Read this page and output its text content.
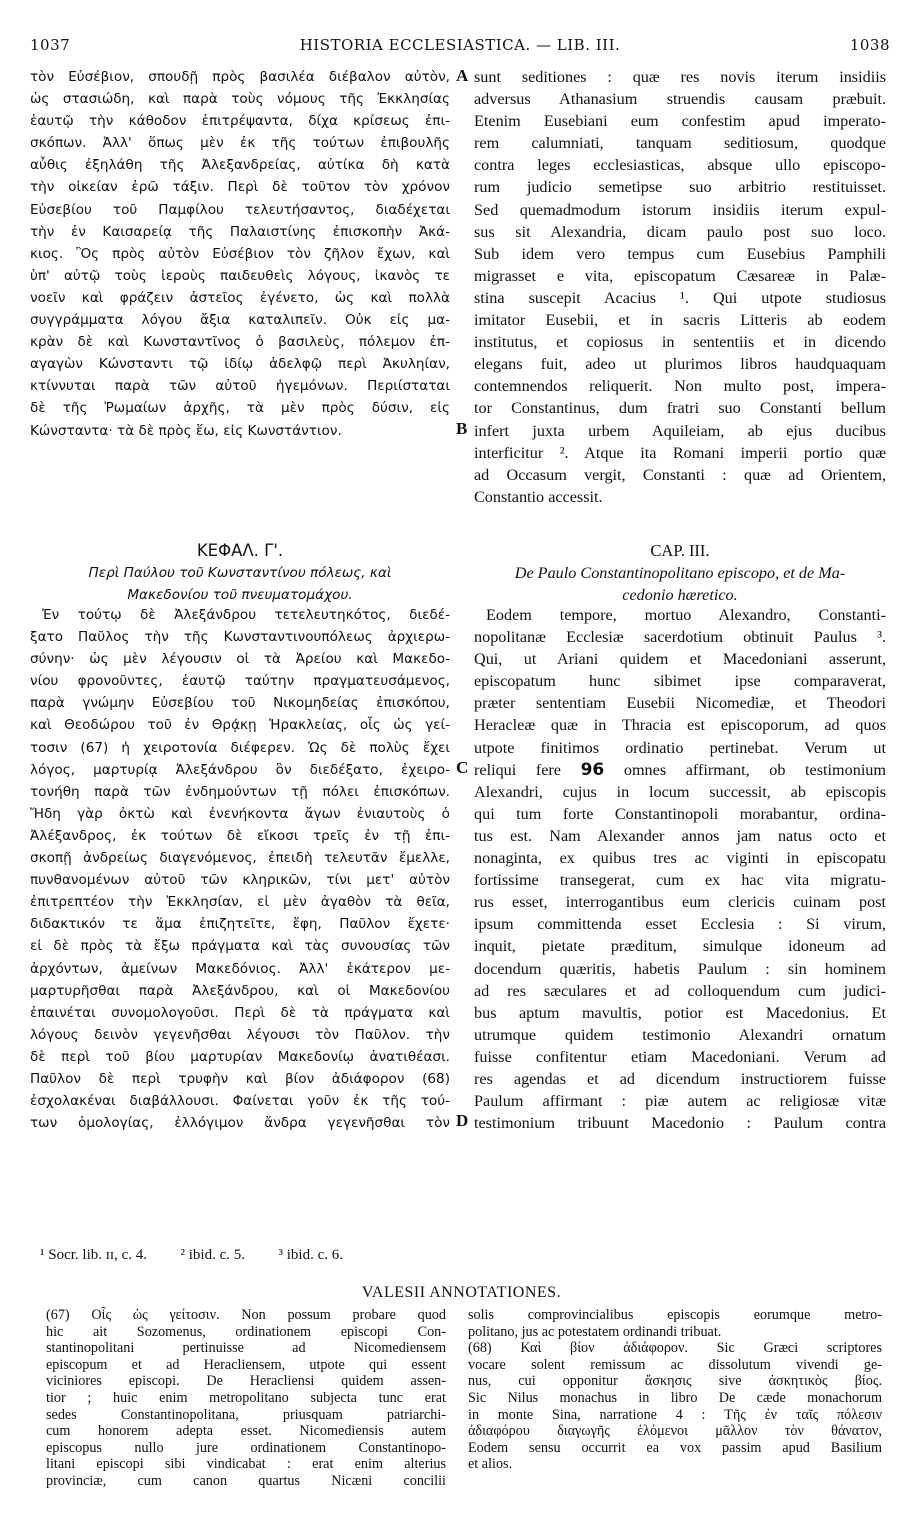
1037	HISTORIA ECCLESIASTICA. — LIB. III.	1038
τὸν Εὐσέβιον, σπουδῇ πρὸς βασιλέα διέβαλον αὐτὸν,
ὡς στασιώδη, καὶ παρὰ τοὺς νόμους τῆς Ἐκκλησίας
ἑαυτῷ τὴν κάθοδον ἐπιτρέψαντα, δίχα κρίσεως ἐπι-
σκόπων. Ἀλλ' ὅπως μὲν ἐκ τῆς τούτων ἐπιβουλῆς
αὖθις ἐξηλάθη τῆς Ἀλεξανδρείας, αὐτίκα δὴ κατὰ
τὴν οἰκείαν ἐρῶ τάξιν. Περὶ δὲ τοῦτον τὸν χρόνον
Εὐσεβίου τοῦ Παμφίλου τελευτήσαντος, διαδέχεται
τὴν ἐν Καισαρείᾳ τῆς Παλαιστίνης ἐπισκοπὴν Ἀκά-
κιος. Ὃς πρὸς αὐτὸν Εὐσέβιον τὸν ζῆλον ἔχων, καὶ
ὑπ' αὐτῷ τοὺς ἱεροὺς παιδευθεὶς λόγους, ἱκανὸς τε
νοεῖν καὶ φράζειν ἀστεῖος ἐγένετο, ὡς καὶ πολλὰ
συγγράμματα λόγου ἄξια καταλιπεῖν. Οὐκ εἰς μα-
κρὰν δὲ καὶ Κωνσταντῖνος ὁ βασιλεὺς, πόλεμον ἐπ-
αγαγὼν Κώνσταντι τῷ ἰδίῳ ἀδελφῷ περὶ Ἀκυληίαν,
κτίννυται παρὰ τῶν αὐτοῦ ἡγεμόνων. Περιίσταται
δὲ τῆς Ῥωμαίων ἀρχῆς, τὰ μὲν πρὸς δύσιν, εἰς
Κώνσταντα· τὰ δὲ πρὸς ἕω, εἰς Κωνστάντιον.
ΚΕΦΑΛ. Γ'.
Περὶ Παύλου τοῦ Κωνσταντίνου πόλεως, καὶ
Μακεδονίου τοῦ πνευματομάχου.
Ἐν τούτῳ δὲ Ἀλεξάνδρου τετελευτηκότος, διεδέ-
ξατο Παῦλος τὴν τῆς Κωνσταντινουπόλεως ἀρχιερω-
σύνην· ὡς μὲν λέγουσιν οἱ τὰ Ἀρείου καὶ Μακεδο-
νίου φρονοῦντες, ἑαυτῷ ταύτην πραγματευσάμενος,
παρὰ γνώμην Εὐσεβίου τοῦ Νικομηδείας ἐπισκόπου,
καὶ Θεοδώρου τοῦ ἐν Θρᾴκῃ Ἡρακλείας, οἷς ὡς γεί-
τοσιν (67) ἡ χειροτονία διέφερεν. Ὡς δὲ πολὺς ἔχει
λόγος, μαρτυρίᾳ Ἀλεξάνδρου ὃν διεδέξατο, ἐχειρο-
τονήθη παρὰ τῶν ἐνδημούντων τῇ πόλει ἐπισκόπων.
Ἤδη γὰρ ὀκτὼ καὶ ἐνενήκοντα ἄγων ἐνιαυτοὺς ὁ
Ἀλέξανδρος, ἐκ τούτων δὲ εἴκοσι τρεῖς ἐν τῇ ἐπι-
σκοπῇ ἀνδρείως διαγενόμενος, ἐπειδὴ τελευτᾶν ἔμελλε,
πυνθανομένων αὐτοῦ τῶν κληρικῶν, τίνι μετ' αὐτὸν
ἐπιτρεπτέον τὴν Ἐκκλησίαν, εἰ μὲν ἀγαθὸν τὰ θεῖα,
διδακτικόν τε ἅμα ἐπιζητεῖτε, ἔφη, Παῦλον ἔχετε·
εἰ δὲ πρὸς τὰ ἔξω πράγματα καὶ τὰς συνουσίας τῶν
ἀρχόντων, ἀμείνων Μακεδόνιος. Ἀλλ' ἑκάτερον με-
μαρτυρῆσθαι παρὰ Ἀλεξάνδρου, καὶ οἱ Μακεδονίου
ἐπαινέται συνομολογοῦσι. Περὶ δὲ τὰ πράγματα καὶ
λόγους δεινὸν γεγενῆσθαι λέγουσι τὸν Παῦλον. τὴν
δὲ περὶ τοῦ βίου μαρτυρίαν Μακεδονίῳ ἀνατιθέασι.
Παῦλον δὲ περὶ τρυφὴν καὶ βίον ἀδιάφορον (68)
ἐσχολακέναι διαβάλλουσι. Φαίνεται γοῦν ἐκ τῆς τού-
των ὁμολογίας, ἐλλόγιμον ἄνδρα γεγενῆσθαι τὸν
sunt seditiones : quæ res novis iterum insidiis
adversus Athanasium struendis causam præbuit.
Etenim Eusebiani eum confestim apud imperato-
rem calumniati, tanquam seditiosum, quodque
contra leges ecclesiasticas, absque ullo episcopo-
rum judicio semetipse suo arbitrio restituisset.
Sed quemadmodum istorum insidiis iterum expul-
sus sit Alexandria, dicam paulo post suo loco.
Sub idem vero tempus cum Eusebius Pamphili
migrasset e vita, episcopatum Cæsareæ in Palæ-
stina suscepit Acacius ¹. Qui utpote studiosus
imitator Eusebii, et in sacris Litteris ab eodem
institutus, et copiosus in sententiis et in dicendo
elegans fuit, adeo ut plurimos libros haudquaquam
contemnendos reliquerit. Non multo post, impera-
tor Constantinus, dum fratri suo Constanti bellum
infert juxta urbem Aquileiam, ab ejus ducibus
interficitur ². Atque ita Romani imperii portio quæ
ad Occasum vergit, Constanti : quæ ad Orientem,
Constantio accessit.
CAP. III.
De Paulo Constantinopolitano episcopo, et de Ma-
cedonio hæretico.
Eodem tempore, mortuo Alexandro, Constanti-
nopolitanæ Ecclesiæ sacerdotium obtinuit Paulus ³.
Qui, ut Ariani quidem et Macedoniani asserunt,
episcopatum hunc sibimet ipse comparaverat,
præter sententiam Eusebii Nicomediæ, et Theodori
Heracleæ quæ in Thracia est episcoporum, ad quos
utpote finitimos ordinatio pertinebat. Verum ut
reliqui fere 96 omnes affirmant, ob testimonium
Alexandri, cujus in locum successit, ab episcopis
qui tum forte Constantinopoli morabantur, ordina-
tus est. Nam Alexander annos jam natus octo et
nonaginta, ex quibus tres ac viginti in episcopatu
fortissime transegerat, cum ex hac vita migratu-
rus esset, interrogantibus eum clericis cuinam post
ipsum committenda esset Ecclesia : Si virum,
inquit, pietate præditum, simulque idoneum ad
docendum quæritis, habetis Paulum : sin hominem
ad res sæculares et ad colloquendum cum judici-
bus aptum mavultis, potior est Macedonius. Et
utrumque quidem testimonio Alexandri ornatum
fuisse confitentur etiam Macedoniani. Verum ad
res agendas et ad dicendum instructiorem fuisse
Paulum affirmant : piæ autem ac religiosæ vitæ
testimonium tribuunt Macedonio : Paulum contra
A
B
C
D
¹ Socr. lib. ɪɪ, c. 4. ² ibid. c. 5. ³ ibid. c. 6.
VALESII ANNOTATIONES.
(67) Οἷς ὡς γείτοσιν. Non possum probare quod
hic ait Sozomenus, ordinationem episcopi Con-
stantinopolitani pertinuisse ad Nicomediensem
episcopum et ad Heracliensem, utpote qui essent
viciniores episcopi. De Heracliensi quidem assen-
tior ; huic enim metropolitano subjecta tunc erat
sedes Constantinopolitana, priusquam patriarchi-
cum honorem adepta esset. Nicomediensis autem
episcopus nullo jure ordinationem Constantinopo-
litani episcopi sibi vindicabat : erat enim alterius
provinciæ, cum canon quartus Nicæni concilii
solis comprovincialibus episcopis eorumque metro-
politano, jus ac potestatem ordinandi tribuat.
(68) Καὶ βίον ἀδιάφορον. Sic Græci scriptores
vocare solent remissum ac dissolutum vivendi ge-
nus, cui opponitur ἄσκησις sive ἀσκητικὸς βίος.
Sic Nilus monachus in libro De cæde monachorum
in monte Sina, narratione 4 : Τῆς ἐν ταῖς πόλεσιν
ἀδιαφόρου διαγωγῆς ἑλόμενοι μᾶλλον τὸν θάνατον,
Eodem sensu occurrit ea vox passim apud Basilium
et alios.
